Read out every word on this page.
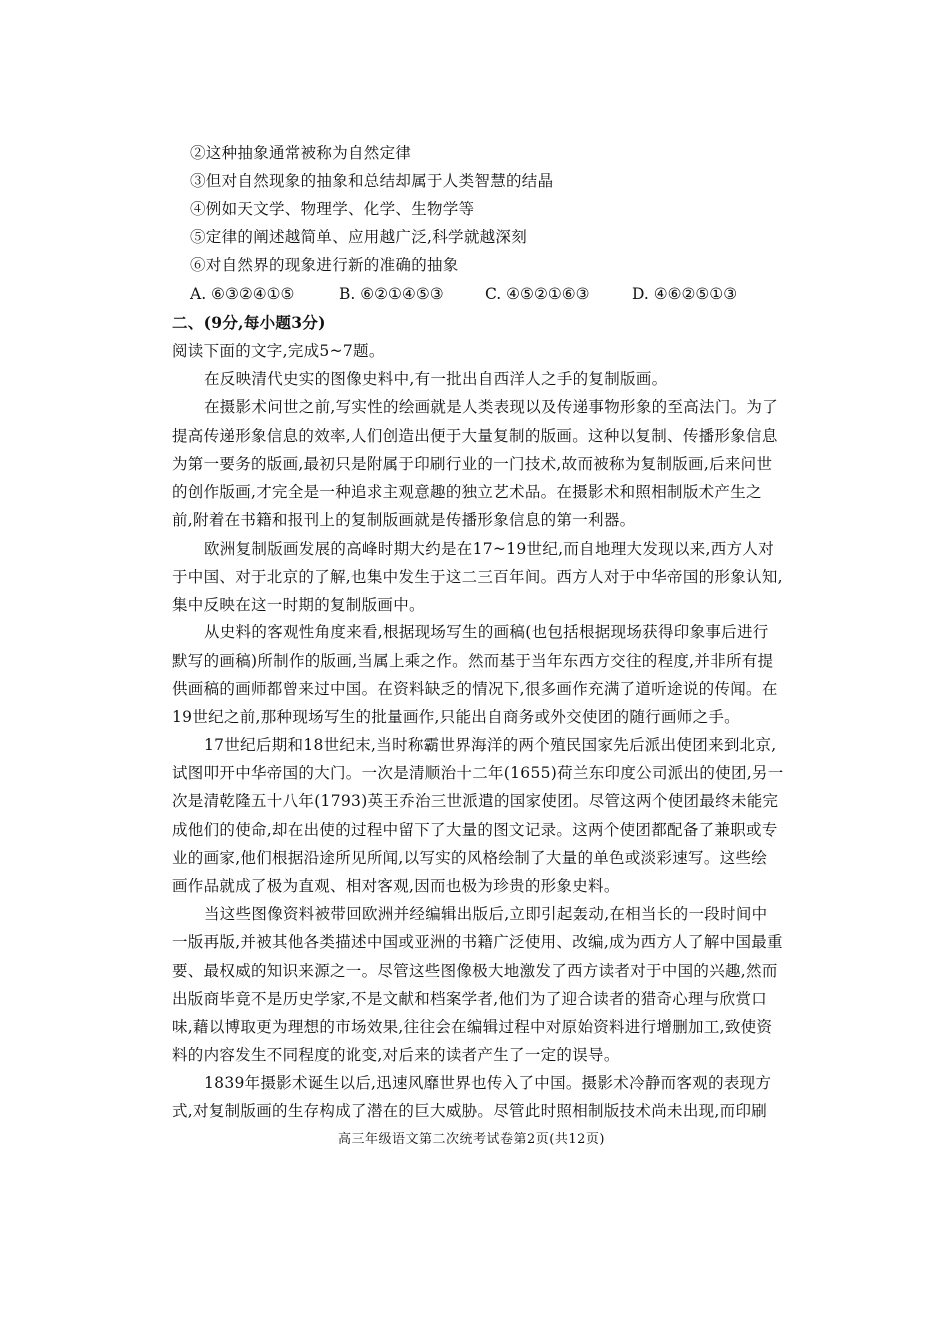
②这种抽象通常被称为自然定律
③但对自然现象的抽象和总结却属于人类智慧的结晶
④例如天文学、物理学、化学、生物学等
⑤定律的阐述越简单、应用越广泛,科学就越深刻
⑥对自然界的现象进行新的准确的抽象
A. ⑥③②④①⑤	B. ⑥②①④⑤③	C. ④⑤②①⑥③	D. ④⑥②⑤①③
二、(9分,每小题3分)
阅读下面的文字,完成5~7题。
在反映清代史实的图像史料中,有一批出自西洋人之手的复制版画。
在摄影术问世之前,写实性的绘画就是人类表现以及传递事物形象的至高法门。为了
提高传递形象信息的效率,人们创造出便于大量复制的版画。这种以复制、传播形象信息
为第一要务的版画,最初只是附属于印刷行业的一门技术,故而被称为复制版画,后来问世
的创作版画,才完全是一种追求主观意趣的独立艺术品。在摄影术和照相制版术产生之
前,附着在书籍和报刊上的复制版画就是传播形象信息的第一利器。
欧洲复制版画发展的高峰时期大约是在17~19世纪,而自地理大发现以来,西方人对
于中国、对于北京的了解,也集中发生于这二三百年间。西方人对于中华帝国的形象认知,
集中反映在这一时期的复制版画中。
从史料的客观性角度来看,根据现场写生的画稿(也包括根据现场获得印象事后进行
默写的画稿)所制作的版画,当属上乘之作。然而基于当年东西方交往的程度,并非所有提
供画稿的画师都曾来过中国。在资料缺乏的情况下,很多画作充满了道听途说的传闻。在
19世纪之前,那种现场写生的批量画作,只能出自商务或外交使团的随行画师之手。
17世纪后期和18世纪末,当时称霸世界海洋的两个殖民国家先后派出使团来到北京,
试图叩开中华帝国的大门。一次是清顺治十二年(1655)荷兰东印度公司派出的使团,另一
次是清乾隆五十八年(1793)英王乔治三世派遣的国家使团。尽管这两个使团最终未能完
成他们的使命,却在出使的过程中留下了大量的图文记录。这两个使团都配备了兼职或专
业的画家,他们根据沿途所见所闻,以写实的风格绘制了大量的单色或淡彩速写。这些绘
画作品就成了极为直观、相对客观,因而也极为珍贵的形象史料。
当这些图像资料被带回欧洲并经编辑出版后,立即引起轰动,在相当长的一段时间中
一版再版,并被其他各类描述中国或亚洲的书籍广泛使用、改编,成为西方人了解中国最重
要、最权威的知识来源之一。尽管这些图像极大地激发了西方读者对于中国的兴趣,然而
出版商毕竟不是历史学家,不是文献和档案学者,他们为了迎合读者的猎奇心理与欣赏口
味,藉以博取更为理想的市场效果,往往会在编辑过程中对原始资料进行增删加工,致使资
料的内容发生不同程度的讹变,对后来的读者产生了一定的误导。
1839年摄影术诞生以后,迅速风靡世界也传入了中国。摄影术冷静而客观的表现方
式,对复制版画的生存构成了潜在的巨大威胁。尽管此时照相制版技术尚未出现,而印刷
高三年级语文第二次统考试卷第2页(共12页)
